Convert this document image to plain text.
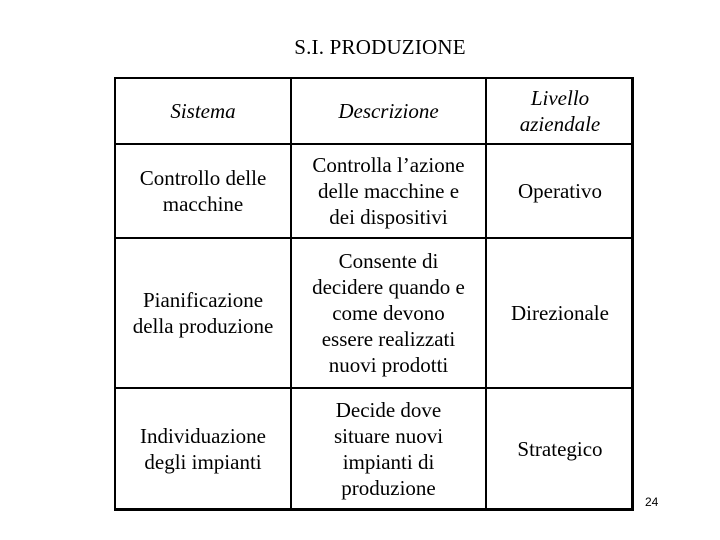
S.I. PRODUZIONE
Sistema	Descrizione
Livello
aziendale
Controllo delle
macchine
Controlla l’azione
delle macchine e
dei dispositivi
Operativo
Pianificazione
della produzione
Consente di
decidere quando e
come devono
essere realizzati
nuovi prodotti
Direzionale
Individuazione
degli impianti
Decide dove
situare nuovi
impianti di
produzione
Strategico
24
